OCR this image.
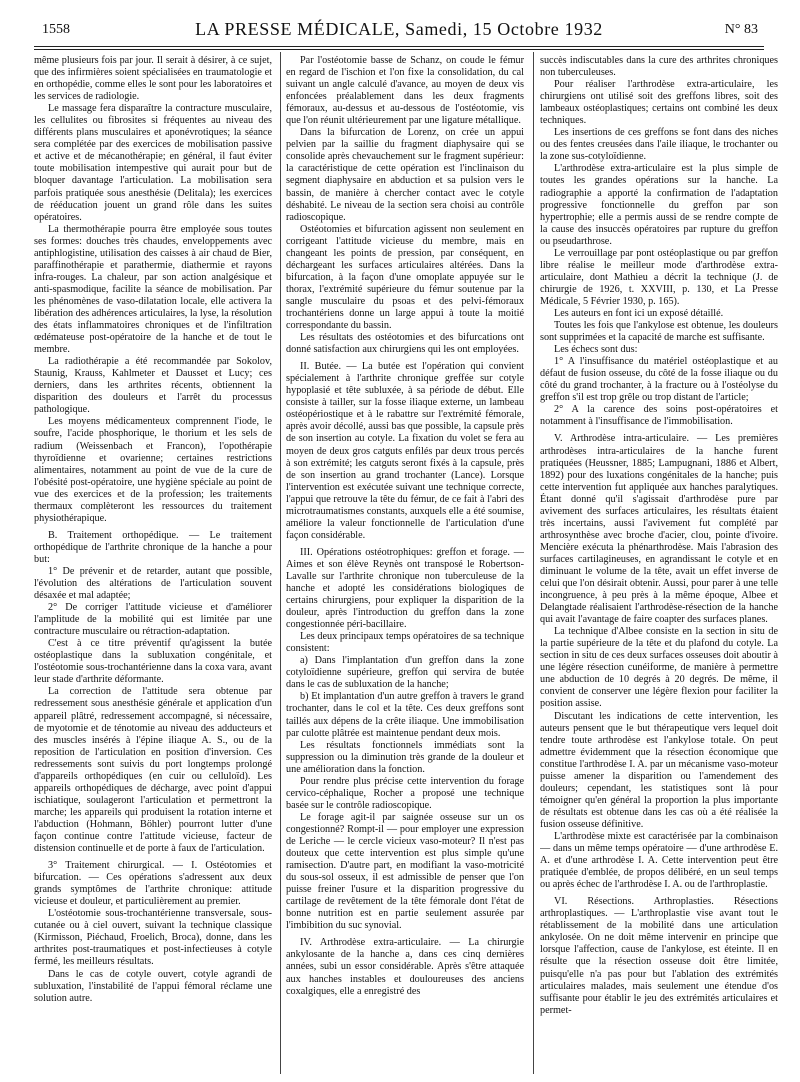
1558	LA PRESSE MÉDICALE, Samedi, 15 Octobre 1932	N° 83

même plusieurs fois par jour. Il serait à désirer, à ce sujet, que des infirmières soient spécialisées en traumatologie et en orthopédie, comme elles le sont pour les laboratoires et les services de radiologie.

Le massage fera disparaître la contracture musculaire, les cellulites ou fibrosites si fréquentes au niveau des différents plans musculaires et aponévrotiques; la séance sera complétée par des exercices de mobilisation passive et active et de mécanothérapie; en général, il faut éviter toute mobilisation intempestive qui aurait pour but de bloquer davantage l'articulation. La mobilisation sera parfois pratiquée sous anesthésie (Delitala); les exercices de rééducation jouent un grand rôle dans les suites opératoires.

La thermothérapie pourra être employée sous toutes ses formes: douches très chaudes, enveloppements avec antiphlogistine, utilisation des caisses à air chaud de Bier, paraffinothérapie et parathermie, diathermie et rayons infra-rouges. La chaleur, par son action analgésique et anti-spasmodique, facilite la séance de mobilisation. Par les phénomènes de vaso-dilatation locale, elle activera la libération des adhérences articulaires, la lyse, la résolution des états inflammatoires chroniques et de l'infiltration œdémateuse post-opératoire de la hanche et de tout le membre.

La radiothérapie a été recommandée par Sokolov, Staunig, Krauss, Kahlmeter et Dausset et Lucy; ces derniers, dans les arthrites récents, obtiennent la disparition des douleurs et l'arrêt du processus pathologique.

Les moyens médicamenteux comprennent l'iode, le soufre, l'acide phosphorique, le thorium et les sels de radium (Weissenbach et Francon), l'opothérapie thyroïdienne et ovarienne; certaines restrictions alimentaires, notamment au point de vue de la cure de l'obésité post-opératoire, une hygiène spéciale au point de vue des exercices et de la profession; les traitements thermaux complèteront les ressources du traitement physiothérapique.

B. Traitement orthopédique. — Le traitement orthopédique de l'arthrite chronique de la hanche a pour but:

1° De prévenir et de retarder, autant que possible, l'évolution des altérations de l'articulation souvent désaxée et mal adaptée;

2° De corriger l'attitude vicieuse et d'améliorer l'amplitude de la mobilité qui est limitée par une contracture musculaire ou rétraction-adaptation.

C'est à ce titre préventif qu'agissent la butée ostéoplastique dans la subluxation congénitale, et l'ostéotomie sous-trochantérienne dans la coxa vara, avant leur stade d'arthrite déformante.

La correction de l'attitude sera obtenue par redressement sous anesthésie générale et application d'un appareil plâtré, redressement accompagné, si nécessaire, de myotomie et de ténotomie au niveau des adducteurs et des muscles insérés à l'épine iliaque A. S., ou de la reposition de l'articulation en position d'inversion. Ces redressements sont suivis du port longtemps prolongé d'appareils orthopédiques (en cuir ou celluloïd). Les appareils orthopédiques de décharge, avec point d'appui ischiatique, soulageront l'articulation et permettront la marche; les appareils qui produisent la rotation interne et l'abduction (Hohmann, Böhler) pourront lutter d'une façon continue contre l'attitude vicieuse, facteur de distension continuelle et de porte à faux de l'articulation.

3° Traitement chirurgical. — I. Ostéotomies et bifurcation. — Ces opérations s'adressent aux deux grands symptômes de l'arthrite chronique: attitude vicieuse et douleur, et particulièrement au premier.

L'ostéotomie sous-trochantérienne transversale, sous-cutanée ou à ciel ouvert, suivant la technique classique (Kirmisson, Piéchaud, Froelich, Broca), donne, dans les arthrites post-traumatiques et post-infectieuses à cotyle fermé, les meilleurs résultats.

Dans le cas de cotyle ouvert, cotyle agrandi de subluxation, l'instabilité de l'appui fémoral réclame une solution autre.

Par l'ostéotomie basse de Schanz, on coude le fémur en regard de l'ischion et l'on fixe la consolidation, du cal suivant un angle calculé d'avance, au moyen de deux vis enfoncées préalablement dans les deux fragments fémoraux, au-dessus et au-dessous de l'ostéotomie, vis que l'on réunit ultérieurement par une ligature métallique.

Dans la bifurcation de Lorenz, on crée un appui pelvien par la saillie du fragment diaphysaire qui se consolide après chevauchement sur le fragment supérieur: la caractéristique de cette opération est l'inclinaison du segment diaphysaire en abduction et sa pulsion vers le bassin, de manière à chercher contact avec le cotyle déshabité. Le niveau de la section sera choisi au contrôle radioscopique.

Ostéotomies et bifurcation agissent non seulement en corrigeant l'attitude vicieuse du membre, mais en changeant les points de pression, par conséquent, en déchargeant les surfaces articulaires altérées. Dans la bifurcation, à la façon d'une omoplate appuyée sur le thorax, l'extrémité supérieure du fémur soutenue par la sangle musculaire du psoas et des pelvi-fémoraux trochantériens donne un large appui à toute la moitié correspondante du bassin.

Les résultats des ostéotomies et des bifurcations ont donné satisfaction aux chirurgiens qui les ont employées.

II. Butée. — La butée est l'opération qui convient spécialement à l'arthrite chronique greffée sur cotyle hypoplasié et tête subluxée, à sa période de début. Elle consiste à tailler, sur la fosse iliaque externe, un lambeau ostéopériostique et à le rabattre sur l'extrémité fémorale, après avoir décollé, aussi bas que possible, la capsule près de son insertion au cotyle. La fixation du volet se fera au moyen de deux gros catguts enfilés par deux trous percés à son extrémité; les catguts seront fixés à la capsule, près de son insertion au grand trochanter (Lance). Lorsque l'intervention est exécutée suivant une technique correcte, l'appui que retrouve la tête du fémur, de ce fait à l'abri des microtraumatismes constants, auxquels elle a été soumise, améliore la valeur fonctionnelle de l'articulation d'une façon considérable.

III. Opérations ostéotrophiques: greffon et forage. — Aimes et son élève Reynès ont transposé le Robertson-Lavalle sur l'arthrite chronique non tuberculeuse de la hanche et adopté les considérations biologiques de certains chirurgiens, pour expliquer la disparition de la douleur, après l'introduction du greffon dans la zone congestionnée péri-bacillaire.

Les deux principaux temps opératoires de sa technique consistent:

a) Dans l'implantation d'un greffon dans la zone cotyloïdienne supérieure, greffon qui servira de butée dans le cas de subluxation de la hanche;

b) Et implantation d'un autre greffon à travers le grand trochanter, dans le col et la tête. Ces deux greffons sont taillés aux dépens de la crête iliaque. Une immobilisation par culotte plâtrée est maintenue pendant deux mois.

Les résultats fonctionnels immédiats sont la suppression ou la diminution très grande de la douleur et une amélioration dans la fonction.

Pour rendre plus précise cette intervention du forage cervico-céphalique, Rocher a proposé une technique basée sur le contrôle radioscopique.

Le forage agit-il par saignée osseuse sur un os congestionné? Rompt-il — pour employer une expression de Leriche — le cercle vicieux vaso-moteur? Il n'est pas douteux que cette intervention est plus simple qu'une ramisection. D'autre part, en modifiant la vaso-motricité du sous-sol osseux, il est admissible de penser que l'on puisse freiner l'usure et la disparition progressive du cartilage de revêtement de la tête fémorale dont l'état de bonne nutrition est en partie seulement assurée par l'imbibition du suc synovial.

IV. Arthrodèse extra-articulaire. — La chirurgie ankylosante de la hanche a, dans ces cinq dernières années, subi un essor considérable. Après s'être attaquée aux hanches instables et douloureuses des anciens coxalgiques, elle a enregistré des

succès indiscutables dans la cure des arthrites chroniques non tuberculeuses.

Pour réaliser l'arthrodèse extra-articulaire, les chirurgiens ont utilisé soit des greffons libres, soit des lambeaux ostéoplastiques; certains ont combiné les deux techniques.

Les insertions de ces greffons se font dans des niches ou des fentes creusées dans l'aile iliaque, le trochanter ou la zone sus-cotyloïdienne.

L'arthrodèse extra-articulaire est la plus simple de toutes les grandes opérations sur la hanche. La radiographie a apporté la confirmation de l'adaptation progressive fonctionnelle du greffon par son hypertrophie; elle a permis aussi de se rendre compte de la cause des insuccès opératoires par rupture du greffon ou pseudarthrose.

Le verrouillage par pont ostéoplastique ou par greffon libre réalise le meilleur mode d'arthrodèse extra-articulaire, dont Mathieu a décrit la technique (J. de chirurgie de 1926, t. XXVIII, p. 130, et La Presse Médicale, 5 Février 1930, p. 165).

Les auteurs en font ici un exposé détaillé.

Toutes les fois que l'ankylose est obtenue, les douleurs sont supprimées et la capacité de marche est suffisante.

Les échecs sont dus:

1° A l'insuffisance du matériel ostéoplastique et au défaut de fusion osseuse, du côté de la fosse iliaque ou du côté du grand trochanter, à la fracture ou à l'ostéolyse du greffon s'il est trop grêle ou trop distant de l'article;

2° A la carence des soins post-opératoires et notamment à l'insuffisance de l'immobilisation.

V. Arthrodèse intra-articulaire. — Les premières arthrodèses intra-articulaires de la hanche furent pratiquées (Heussner, 1885; Lampugnani, 1886 et Albert, 1892) pour des luxations congénitales de la hanche; puis cette intervention fut appliquée aux hanches paralytiques. Étant donné qu'il s'agissait d'arthrodèse pure par avivement des surfaces articulaires, les résultats étaient très incertains, aussi l'avivement fut complété par arthrosynthèse avec broche d'acier, clou, pointe d'ivoire. Mencière exécuta la phénarthrodèse. Mais l'abrasion des surfaces cartilagineuses, en agrandissant le cotyle et en diminuant le volume de la tête, avait un effet inverse de celui que l'on désirait obtenir. Aussi, pour parer à une telle incongruence, à peu près à la même époque, Albee et Delangtade réalisaient l'arthrodèse-résection de la hanche qui avait l'avantage de faire coapter des surfaces planes.

La technique d'Albee consiste en la section in situ de la partie supérieure de la tête et du plafond du cotyle. La section in situ de ces deux surfaces osseuses doit aboutir à une légère résection cunéiforme, de manière à permettre une abduction de 10 degrés à 20 degrés. De même, il convient de conserver une légère flexion pour faciliter la position assise.

Discutant les indications de cette intervention, les auteurs pensent que le but thérapeutique vers lequel doit tendre toute arthrodèse est l'ankylose totale. On peut admettre évidemment que la résection économique que constitue l'arthrodèse I. A. par un mécanisme vaso-moteur puisse amener la disparition ou l'amendement des douleurs; cependant, les statistiques sont là pour témoigner qu'en général la proportion la plus importante de résultats est obtenue dans les cas où a été réalisée la fusion osseuse définitive.

L'arthrodèse mixte est caractérisée par la combinaison — dans un même temps opératoire — d'une arthrodèse E. A. et d'une arthrodèse I. A. Cette intervention peut être pratiquée d'emblée, de propos délibéré, en un seul temps ou après échec de l'arthrodèse I. A. ou de l'arthroplastie.

VI. Résections. Arthroplasties. Résections arthroplastiques. — L'arthroplastie vise avant tout le rétablissement de la mobilité dans une articulation ankylosée. On ne doit même intervenir en principe que lorsque l'affection, cause de l'ankylose, est éteinte. Il en résulte que la résection osseuse doit être limitée, puisqu'elle n'a pas pour but l'ablation des extrémités articulaires malades, mais seulement une étendue d'os suffisante pour établir le jeu des extrémités articulaires et permet-
